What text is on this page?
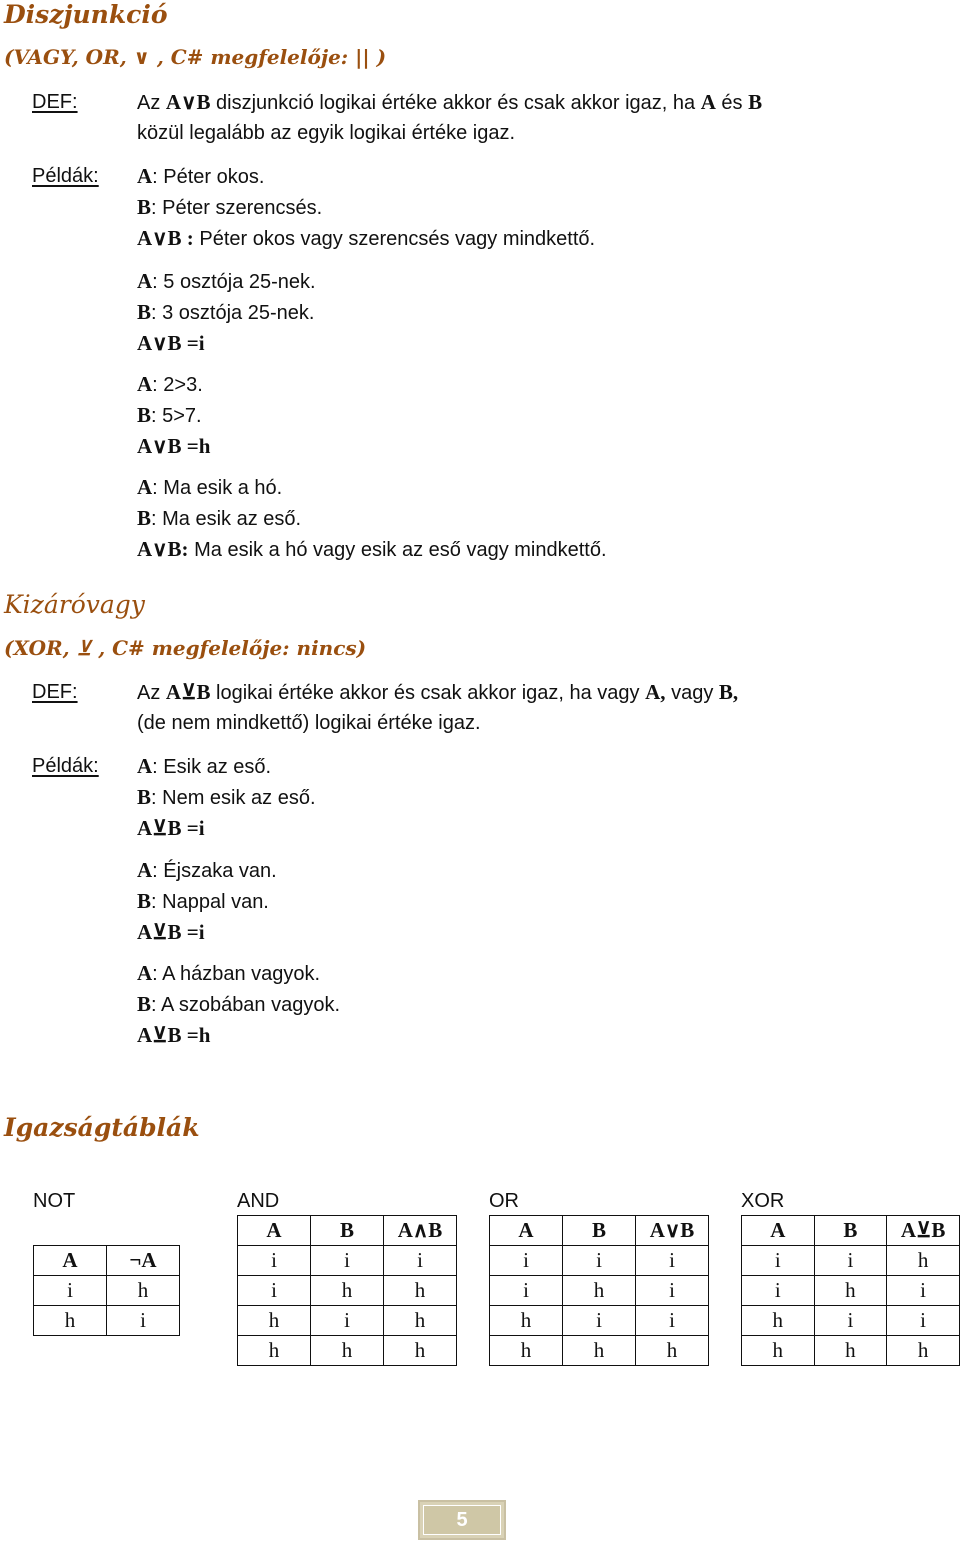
Diszjunkció
(VAGY, OR, ∨ , C# megfelelője: || )
DEF:	Az A∨B diszjunkció logikai értéke akkor és csak akkor igaz, ha A és B
közül legalább az egyik logikai értéke igaz.
Példák: A: Péter okos.
B: Péter szerencsés.
A∨B : Péter okos vagy szerencsés vagy mindkettő.
A: 5 osztója 25-nek.
B: 3 osztója 25-nek.
A∨B =i
A: 2>3.
B: 5>7.
A∨B =h
A: Ma esik a hó.
B: Ma esik az eső.
A∨B: Ma esik a hó vagy esik az eső vagy mindkettő.
Kizáróvagy
(XOR, ⊻ , C# megfelelője: nincs)
DEF:	Az A⊻B logikai értéke akkor és csak akkor igaz, ha vagy A, vagy B,
(de nem mindkettő) logikai értéke igaz.
Példák: A: Esik az eső.
B: Nem esik az eső.
A⊻B =i
A: Éjszaka van.
B: Nappal van.
A⊻B =i
A: A házban vagyok.
B: A szobában vagyok.
A⊻B =h
Igazságtáblák
NOT	AND	OR	XOR
A	¬A
i	h
h	i
A	B	A∧B
i	i	i
i	h	h
h	i	h
h	h	h
A	B	A∨B
i	i	i
i	h	i
h	i	i
h	h	h
A	B	A⊻B
i	i	h
i	h	i
h	i	i
h	h	h
5
